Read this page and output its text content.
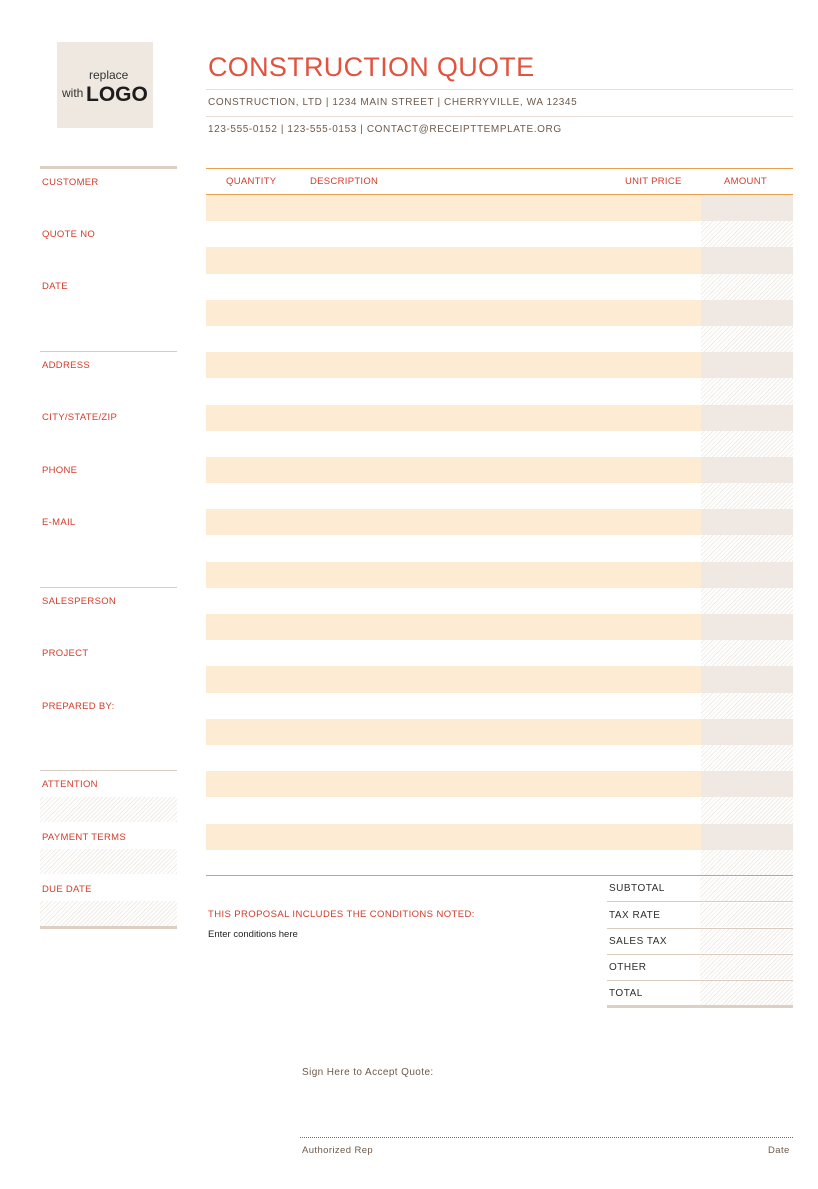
replace
with LOGO
CONSTRUCTION QUOTE
CONSTRUCTION, LTD | 1234 MAIN STREET | CHERRYVILLE, WA 12345
123-555-0152 | 123-555-0153 | CONTACT@RECEIPTTEMPLATE.ORG
CUSTOMER
QUOTE NO
DATE
ADDRESS
CITY/STATE/ZIP
PHONE
E-MAIL
SALESPERSON
PROJECT
PREPARED BY:
ATTENTION
PAYMENT TERMS
DUE DATE
QUANTITY	DESCRIPTION	UNIT PRICE	AMOUNT
THIS PROPOSAL INCLUDES THE CONDITIONS NOTED:
Enter conditions here
SUBTOTAL
TAX RATE
SALES TAX
OTHER
TOTAL
Sign Here to Accept Quote:
Authorized Rep	Date
